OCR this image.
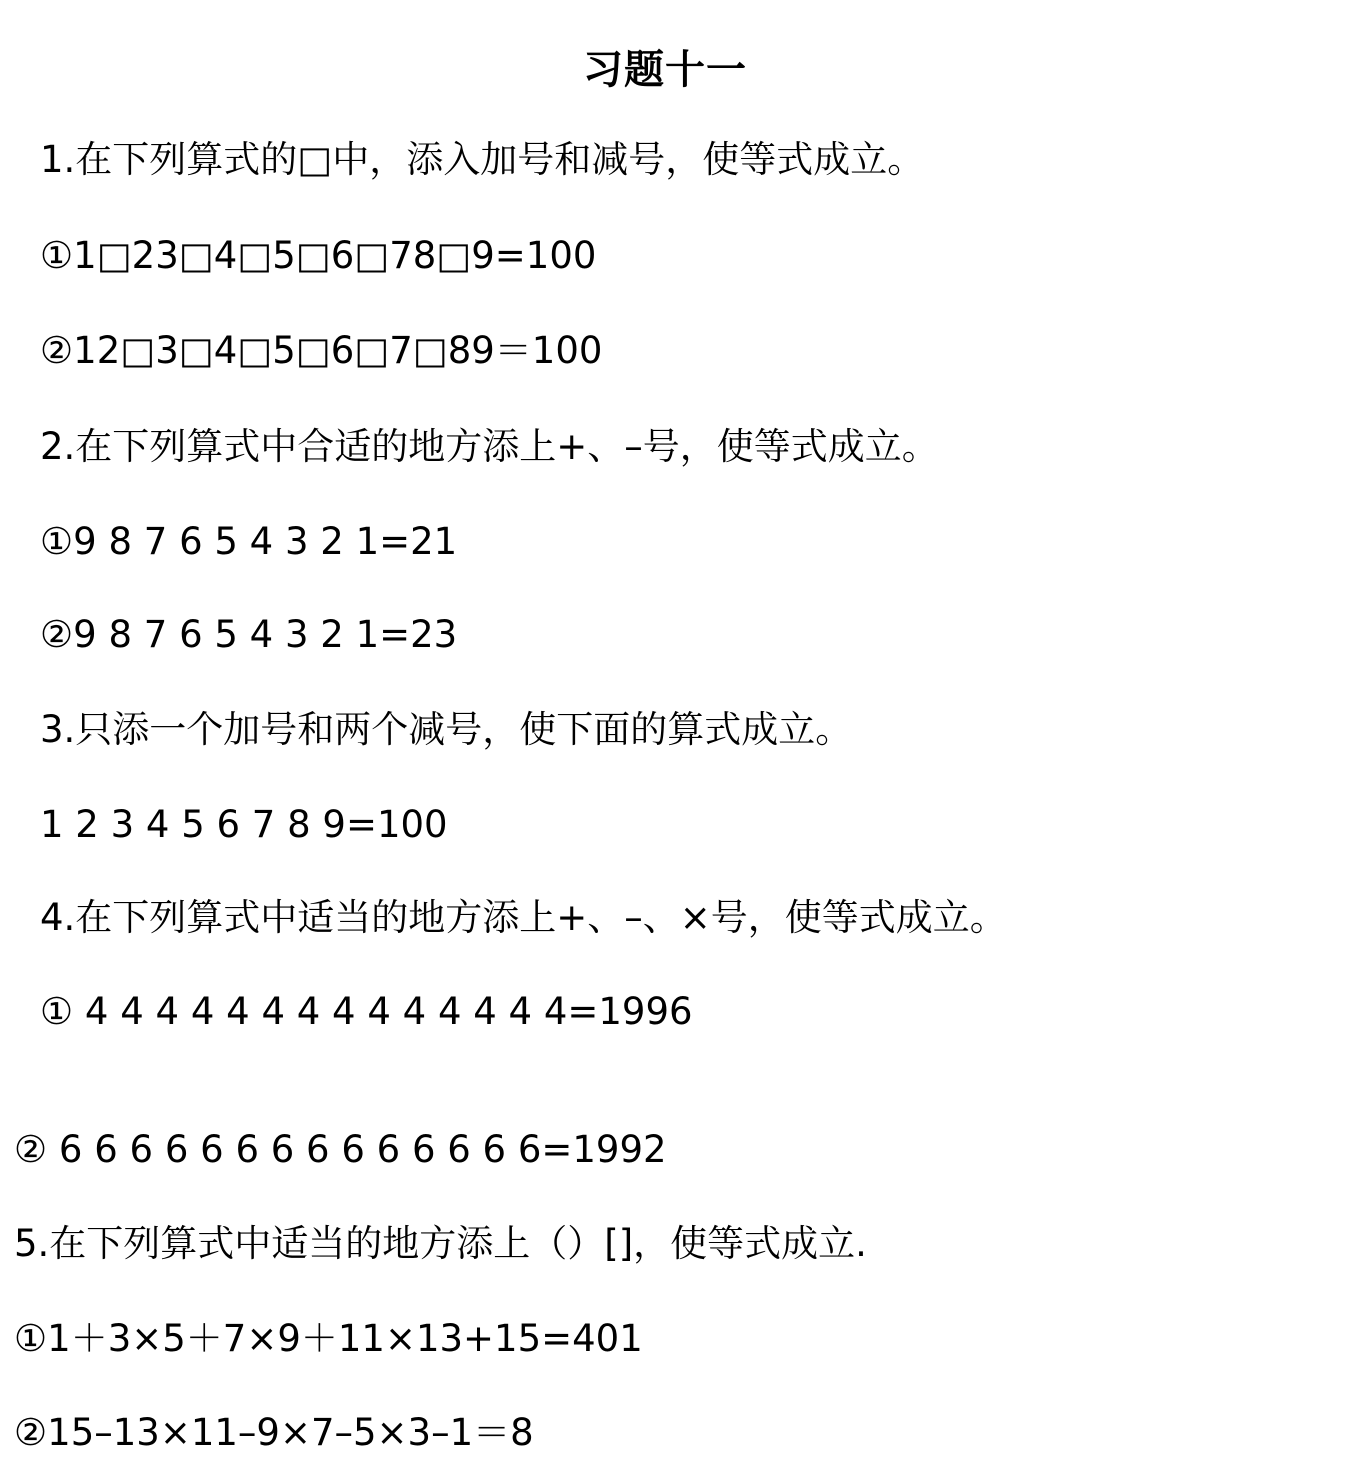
习题十一
1.在下列算式的□中，添入加号和减号，使等式成立。
①1□23□4□5□6□78□9=100
②12□3□4□5□6□7□89＝100
2.在下列算式中合适的地方添上+、–号，使等式成立。
①9 8 7 6 5 4 3 2 1=21
②9 8 7 6 5 4 3 2 1=23
3.只添一个加号和两个减号，使下面的算式成立。
1 2 3 4 5 6 7 8 9=100
4.在下列算式中适当的地方添上+、–、×号，使等式成立。
① 4 4 4 4 4 4 4 4 4 4 4 4 4 4=1996
② 6 6 6 6 6 6 6 6 6 6 6 6 6 6=1992
5.在下列算式中适当的地方添上（）[]，使等式成立.
①1＋3×5＋7×9＋11×13+15=401
②15–13×11–9×7–5×3–1＝8
